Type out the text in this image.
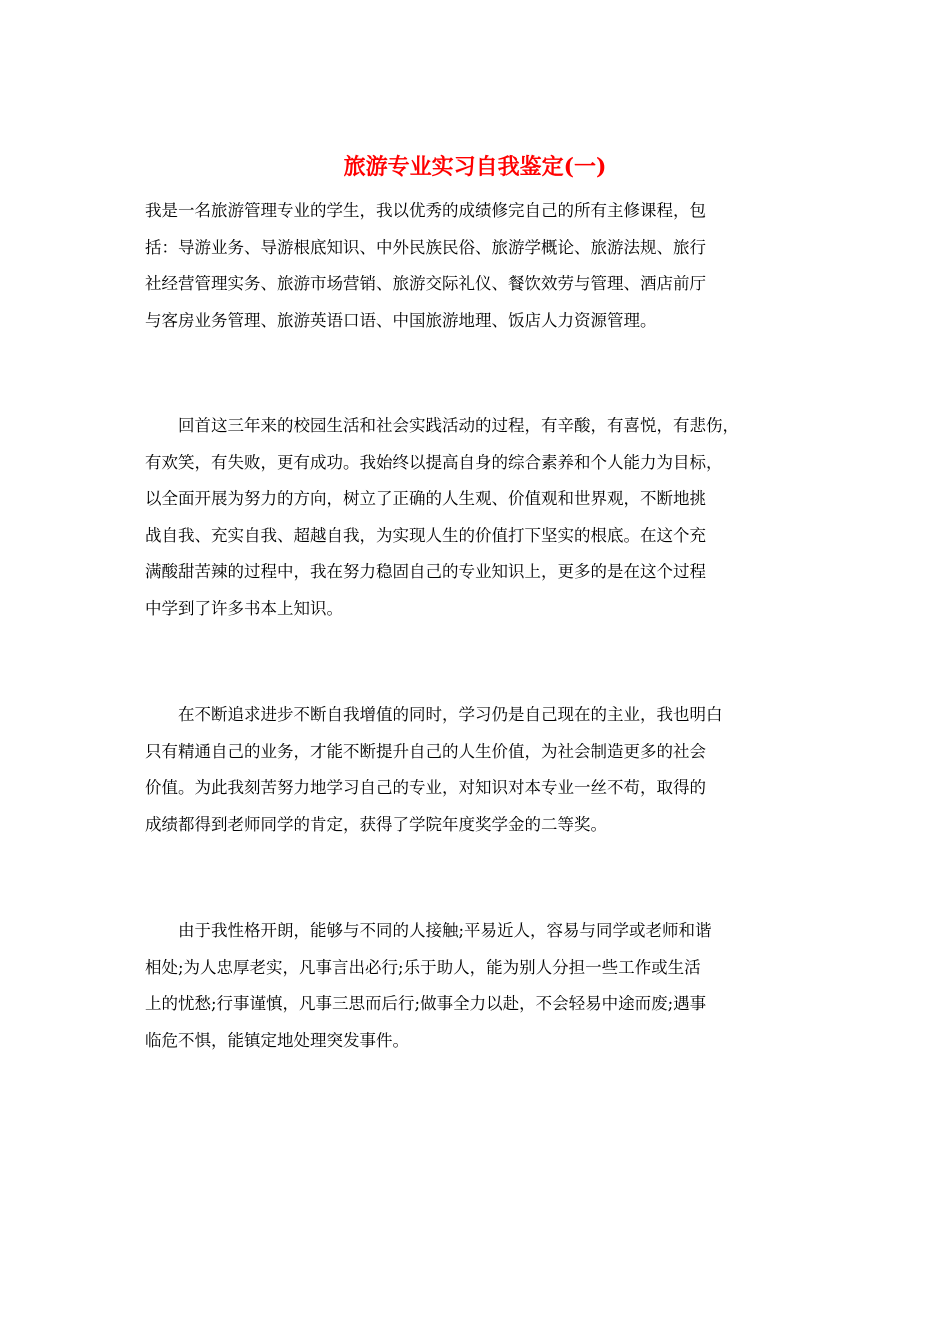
旅游专业实习自我鉴定(一)
我是一名旅游管理专业的学生，我以优秀的成绩修完自己的所有主修课程，包
括：导游业务、导游根底知识、中外民族民俗、旅游学概论、旅游法规、旅行
社经营管理实务、旅游市场营销、旅游交际礼仪、餐饮效劳与管理、酒店前厅
与客房业务管理、旅游英语口语、中国旅游地理、饭店人力资源管理。
　　回首这三年来的校园生活和社会实践活动的过程，有辛酸，有喜悦，有悲伤，
有欢笑，有失败，更有成功。我始终以提高自身的综合素养和个人能力为目标，
以全面开展为努力的方向，树立了正确的人生观、价值观和世界观，不断地挑
战自我、充实自我、超越自我，为实现人生的价值打下坚实的根底。在这个充
满酸甜苦辣的过程中，我在努力稳固自己的专业知识上，更多的是在这个过程
中学到了许多书本上知识。
　　在不断追求进步不断自我增值的同时，学习仍是自己现在的主业，我也明白
只有精通自己的业务，才能不断提升自己的人生价值，为社会制造更多的社会
价值。为此我刻苦努力地学习自己的专业，对知识对本专业一丝不苟，取得的
成绩都得到老师同学的肯定，获得了学院年度奖学金的二等奖。
　　由于我性格开朗，能够与不同的人接触;平易近人，容易与同学或老师和谐
相处;为人忠厚老实，凡事言出必行;乐于助人，能为别人分担一些工作或生活
上的忧愁;行事谨慎，凡事三思而后行;做事全力以赴，不会轻易中途而废;遇事
临危不惧，能镇定地处理突发事件。
